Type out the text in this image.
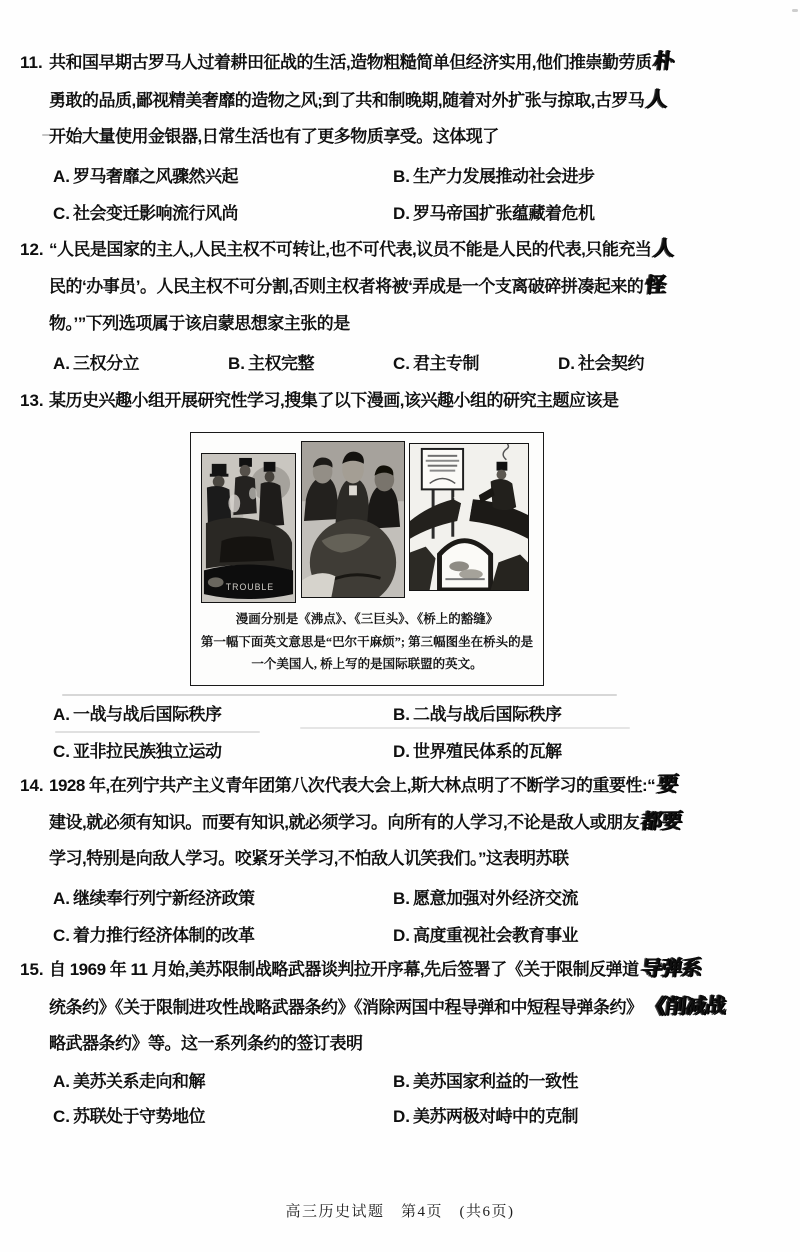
11. 共和国早期古罗马人过着耕田征战的生活,造物粗糙简单但经济实用,他们推崇勤劳质朴
勇敢的品质,鄙视精美奢靡的造物之风;到了共和制晚期,随着对外扩张与掠取,古罗马人
开始大量使用金银器,日常生活也有了更多物质享受。这体现了
A. 罗马奢靡之风骤然兴起	B. 生产力发展推动社会进步
C. 社会变迁影响流行风尚	D. 罗马帝国扩张蕴藏着危机
12. “人民是国家的主人,人民主权不可转让,也不可代表,议员不能是人民的代表,只能充当人
民的‘办事员’。人民主权不可分割,否则主权者将被‘弄成是一个支离破碎拼凑起来的怪
物。’”下列选项属于该启蒙思想家主张的是
A. 三权分立	B. 主权完整	C. 君主专制	D. 社会契约
13. 某历史兴趣小组开展研究性学习,搜集了以下漫画,该兴趣小组的研究主题应该是
TROUBLE
漫画分别是《沸点》、《三巨头》、《桥上的豁缝》
第一幅下面英文意思是“巴尔干麻烦”; 第三幅图坐在桥头的是
一个美国人, 桥上写的是国际联盟的英文。
A. 一战与战后国际秩序	B. 二战与战后国际秩序
C. 亚非拉民族独立运动	D. 世界殖民体系的瓦解
14. 1928 年,在列宁共产主义青年团第八次代表大会上,斯大林点明了不断学习的重要性:“要
建设,就必须有知识。而要有知识,就必须学习。向所有的人学习,不论是敌人或朋友都要
学习,特别是向敌人学习。咬紧牙关学习,不怕敌人讥笑我们。”这表明苏联
A. 继续奉行列宁新经济政策	B. 愿意加强对外经济交流
C. 着力推行经济体制的改革	D. 高度重视社会教育事业
15. 自 1969 年 11 月始,美苏限制战略武器谈判拉开序幕,先后签署了《关于限制反弹道导弹系
统条约》《关于限制进攻性战略武器条约》《消除两国中程导弹和中短程导弹条约》《削减战
略武器条约》等。这一系列条约的签订表明
A. 美苏关系走向和解	B. 美苏国家利益的一致性
C. 苏联处于守势地位	D. 美苏两极对峙中的克制
高三历史试题　第4页　(共6页)
